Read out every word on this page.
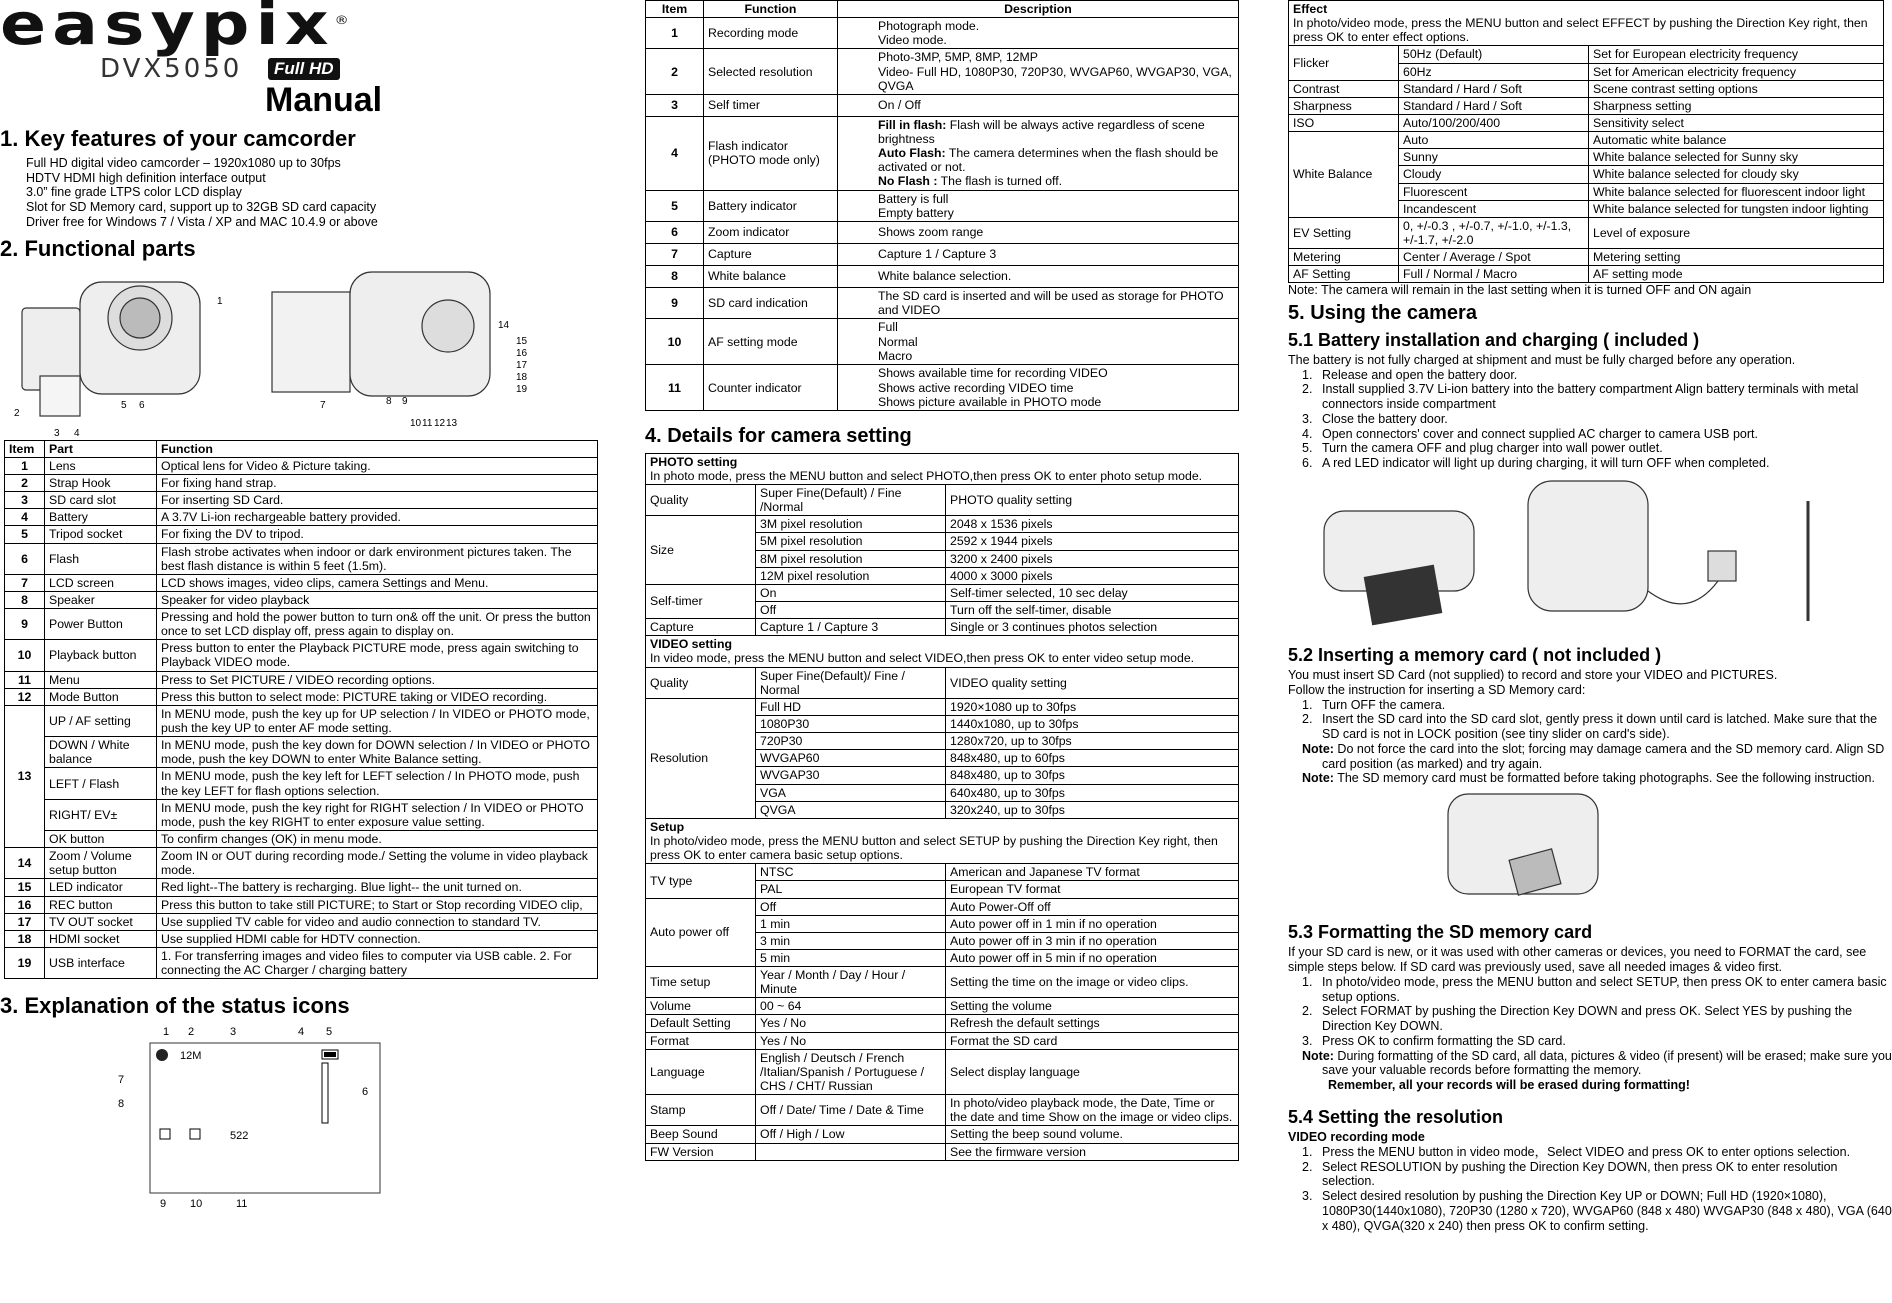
easypix®
DVX5050	Full HD
Manual
1. Key features of your camcorder
Full HD digital video camcorder – 1920x1080 up to 30fps
HDTV HDMI high definition interface output
3.0” fine grade LTPS color LCD display
Slot for SD Memory card, support up to 32GB SD card capacity
Driver free for Windows 7 / Vista / XP and MAC 10.4.9 or above
2. Functional parts
1
2
3 4
5 6	7	8 9
10 11 12 13
14
15
16
17
18
19
Item	Part	Function
1	Lens	Optical lens for Video & Picture taking.
2	Strap Hook	For fixing hand strap.
3	SD card slot	For inserting SD Card.
4	Battery	A 3.7V Li-ion rechargeable battery provided.
5	Tripod socket	For fixing the DV to tripod.
6	Flash	Flash strobe activates when indoor or dark environment pictures taken. The best flash distance is within 5 feet (1.5m).
7	LCD screen	LCD shows images, video clips, camera Settings and Menu.
8	Speaker	Speaker for video playback
9	Power Button	Pressing and hold the power button to turn on& off the unit. Or press the button once to set LCD display off, press again to display on.
10	Playback button	Press button to enter the Playback PICTURE mode, press again switching to Playback VIDEO mode.
11	Menu	Press to Set PICTURE / VIDEO recording options.
12	Mode Button	Press this button to select mode: PICTURE taking or VIDEO recording.
13	UP / AF setting	In MENU mode, push the key up for UP selection / In VIDEO or PHOTO mode, push the key UP to enter AF mode setting.
	DOWN / White balance	In MENU mode, push the key down for DOWN selection / In VIDEO or PHOTO mode, push the key DOWN to enter White Balance setting.
	LEFT / Flash	In MENU mode, push the key left for LEFT selection / In PHOTO mode, push the key LEFT for flash options selection.
	RIGHT/ EV±	In MENU mode, push the key right for RIGHT selection / In VIDEO or PHOTO mode, push the key RIGHT to enter exposure value setting.
	OK button	To confirm changes (OK) in menu mode.
14	Zoom / Volume setup button	Zoom IN or OUT during recording mode./ Setting the volume in video playback mode.
15	LED indicator	Red light--The battery is recharging. Blue light-- the unit turned on.
16	REC button	Press this button to take still PICTURE; to Start or Stop recording VIDEO clip,
17	TV OUT socket	Use supplied TV cable for video and audio connection to standard TV.
18	HDMI socket	Use supplied HDMI cable for HDTV connection.
19	USB interface	1. For transferring images and video files to computer via USB cable. 2. For connecting the AC Charger / charging battery
3. Explanation of the status icons
12M
522
1 2	3	4 5
6
7
8
9 10	11
Item	Function	Description
1	Recording mode	Photograph mode.
Video mode.

2	Selected resolution	Photo-3MP, 5MP, 8MP, 12MP
Video- Full HD, 1080P30, 720P30, WVGAP60, WVGAP30, VGA, QVGA

3	Self timer	On / Off

4	Flash indicator (PHOTO mode only)	Fill in flash: Flash will be always active regardless of scene brightness
Auto Flash: The camera determines when the flash should be activated or not.
No Flash : The flash is turned off.

5	Battery indicator	Battery is full
Empty battery

6	Zoom indicator	Shows zoom range

7	Capture	Capture 1 / Capture 3

8	White balance	White balance selection.

9	SD card indication	The SD card is inserted and will be used as storage for PHOTO and VIDEO

10	AF setting mode	Full
Normal
Macro

11	Counter indicator	Shows available time for recording VIDEO
Shows active recording VIDEO time
Shows picture available in PHOTO mode
4. Details for camera setting
PHOTO setting
In photo mode, press the MENU button and select PHOTO,then press OK to enter photo setup mode.		

Quality	Super Fine(Default) / Fine /Normal	PHOTO quality setting
Size	3M pixel resolution	2048 x 1536 pixels
	5M pixel resolution	2592 x 1944 pixels
	8M pixel resolution	3200 x 2400 pixels
	12M pixel resolution	4000 x 3000 pixels
Self-timer	On	Self-timer selected, 10 sec delay
	Off	Turn off the self-timer, disable
Capture	Capture 1 / Capture 3	Single or 3 continues photos selection

VIDEO setting
In video mode, press the MENU button and select VIDEO,then press OK to enter video setup mode.		

Quality	Super Fine(Default)/ Fine / Normal	VIDEO quality setting
Resolution	Full HD	1920×1080 up to 30fps
	1080P30	1440x1080, up to 30fps
	720P30	1280x720, up to 30fps
	WVGAP60	848x480, up to 60fps
	WVGAP30	848x480, up to 30fps
	VGA	640x480, up to 30fps
	QVGA	320x240, up to 30fps

Setup
In photo/video mode, press the MENU button and select SETUP by pushing the Direction Key right, then press OK to enter camera basic setup options.		

TV type	NTSC	American and Japanese TV format
	PAL	European TV format
Auto power off	Off	Auto Power-Off off
	1 min	Auto power off in 1 min if no operation
	3 min	Auto power off in 3 min if no operation
	5 min	Auto power off in 5 min if no operation
Time setup	Year / Month / Day / Hour / Minute	Setting the time on the image or video clips.
Volume	00 ~ 64	Setting the volume
Default Setting	Yes / No	Refresh the default settings
Format	Yes / No	Format the SD card
Language	English / Deutsch / French /Italian/Spanish / Portuguese / CHS / CHT/ Russian	Select display language
Stamp	Off / Date/ Time / Date & Time	In photo/video playback mode, the Date, Time or the date and time Show on the image or video clips.
Beep Sound	Off / High / Low	Setting the beep sound volume.
FW Version		See the firmware version
Effect
In photo/video mode, press the MENU button and select EFFECT by pushing the Direction Key right, then press OK to enter effect options.		

Flicker	50Hz (Default)	Set for European electricity frequency
	60Hz	Set for American electricity frequency
Contrast	Standard / Hard / Soft	Scene contrast setting options
Sharpness	Standard / Hard / Soft	Sharpness setting
ISO	Auto/100/200/400	Sensitivity select
White Balance	Auto	Automatic white balance
	Sunny	White balance selected for Sunny sky
	Cloudy	White balance selected for cloudy sky
	Fluorescent	White balance selected for fluorescent indoor light
	Incandescent	White balance selected for tungsten indoor lighting
EV Setting	0, +/-0.3 , +/-0.7, +/-1.0, +/-1.3, +/-1.7, +/-2.0	Level of exposure
Metering	Center / Average / Spot	Metering setting
AF Setting	Full / Normal / Macro	AF setting mode
Note: The camera will remain in the last setting when it is turned OFF and ON again
5. Using the camera
5.1 Battery installation and charging ( included )
The battery is not fully charged at shipment and must be fully charged before any operation.
1. Release and open the battery door.
2. Install supplied 3.7V Li-ion battery into the battery compartment Align battery terminals with metal connectors inside compartment
3. Close the battery door.
4. Open connectors' cover and connect supplied AC charger to camera USB port.
5. Turn the camera OFF and plug charger into wall power outlet.
6. A red LED indicator will light up during charging, it will turn OFF when completed.
5.2 Inserting a memory card ( not included )
You must insert SD Card (not supplied) to record and store your VIDEO and PICTURES.
Follow the instruction for inserting a SD Memory card:
1. Turn OFF the camera.
2. Insert the SD card into the SD card slot, gently press it down until card is latched. Make sure that the SD card is not in LOCK position (see tiny slider on card's side).
Note: Do not force the card into the slot; forcing may damage camera and the SD memory card. Align SD card position (as marked) and try again.
Note: The SD memory card must be formatted before taking photographs. See the following instruction.
5.3 Formatting the SD memory card
If your SD card is new, or it was used with other cameras or devices, you need to FORMAT the card, see simple steps below. If SD card was previously used, save all needed images & video first.
1. In photo/video mode, press the MENU button and select SETUP, then press OK to enter camera basic setup options.
2. Select FORMAT by pushing the Direction Key DOWN and press OK. Select YES by pushing the Direction Key DOWN.
3. Press OK to confirm formatting the SD card.
Note: During formatting of the SD card, all data, pictures & video (if present) will be erased; make sure you save your valuable records before formatting the memory.
Remember, all your records will be erased during formatting!
5.4 Setting the resolution
VIDEO recording mode
1. Press the MENU button in video mode，Select VIDEO and press OK to enter options selection.
2. Select RESOLUTION by pushing the Direction Key DOWN, then press OK to enter resolution selection.
3. Select desired resolution by pushing the Direction Key UP or DOWN; Full HD (1920×1080), 1080P30(1440x1080), 720P30 (1280 x 720), WVGAP60 (848 x 480) WVGAP30 (848 x 480), VGA (640 x 480), QVGA(320 x 240) then press OK to confirm setting.
